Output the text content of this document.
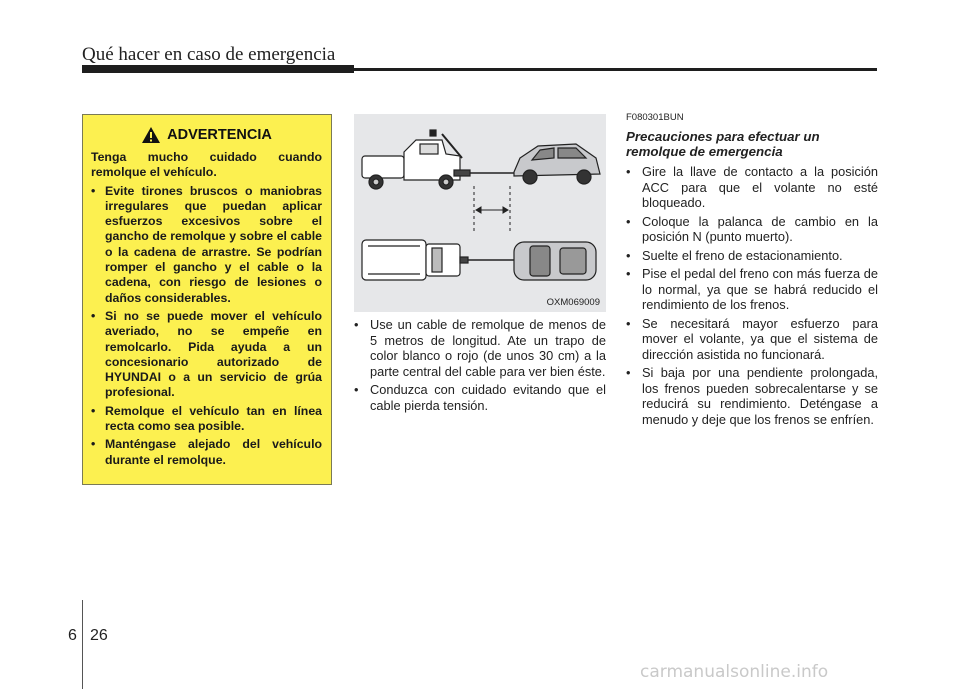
Qué hacer en caso de emergencia
ADVERTENCIA
Tenga mucho cuidado cuando remolque el vehículo.
• Evite tirones bruscos o maniobras irregulares que puedan aplicar esfuerzos excesivos sobre el gancho de remolque y sobre el cable o la cadena de arrastre. Se podrían romper el gancho y el cable o la cadena, con riesgo de lesiones o daños considerables.
• Si no se puede mover el vehículo averiado, no se empeñe en remolcarlo. Pida ayuda a un concesionario autorizado de HYUNDAI o a un servicio de grúa profesional.
• Remolque el vehículo tan en línea recta como sea posible.
• Manténgase alejado del vehículo durante el remolque.
OXM069009
• Use un cable de remolque de menos de 5 metros de longitud. Ate un trapo de color blanco o rojo (de unos 30 cm) a la parte central del cable para ver bien éste.
• Conduzca con cuidado evitando que el cable pierda tensión.
F080301BUN
Precauciones para efectuar un remolque de emergencia
• Gire la llave de contacto a la posición ACC para que el volante no esté bloqueado.
• Coloque la palanca de cambio en la posición N (punto muerto).
• Suelte el freno de estacionamiento.
• Pise el pedal del freno con más fuerza de lo normal, ya que se habrá reducido el rendimiento de los frenos.
• Se necesitará mayor esfuerzo para mover el volante, ya que el sistema de dirección asistida no funcionará.
• Si baja por una pendiente prolongada, los frenos pueden sobrecalentarse y se reducirá su rendimiento. Deténgase a menudo y deje que los frenos se enfríen.
6 26
carmanualsonline.info
